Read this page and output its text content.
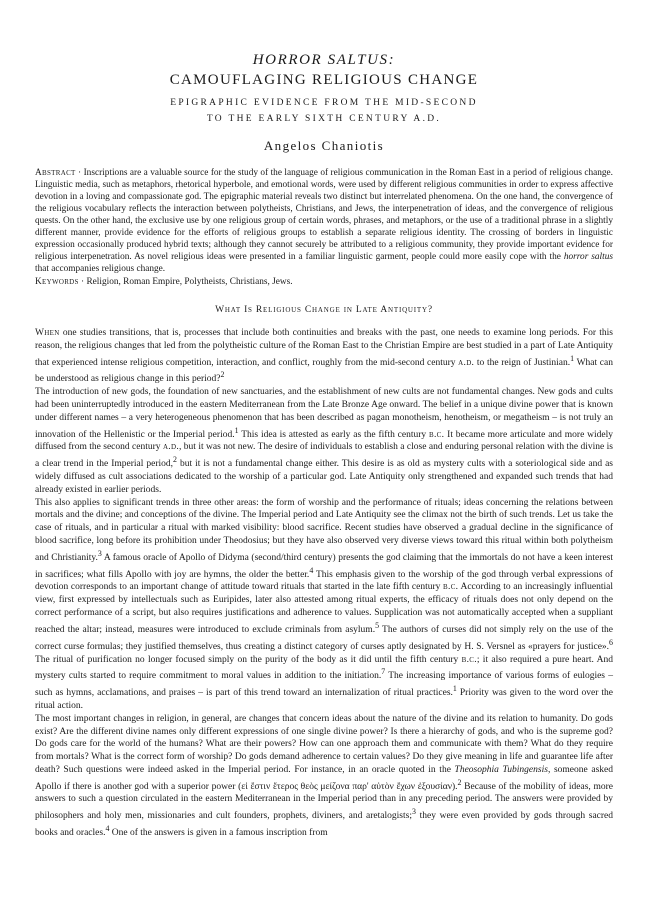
HORROR SALTUS:
CAMOUFLAGING RELIGIOUS CHANGE
EPIGRAPHIC EVIDENCE FROM THE MID-SECOND
TO THE EARLY SIXTH CENTURY A.D.
Angelos Chaniotis
Abstract · Inscriptions are a valuable source for the study of the language of religious communication in the Roman East in a period of religious change. Linguistic media, such as metaphors, rhetorical hyperbole, and emotional words, were used by different religious communities in order to express affective devotion in a loving and compassionate god. The epigraphic material reveals two distinct but interrelated phenomena. On the one hand, the convergence of the religious vocabulary reflects the interaction between polytheists, Christians, and Jews, the interpenetration of ideas, and the convergence of religious quests. On the other hand, the exclusive use by one religious group of certain words, phrases, and metaphors, or the use of a traditional phrase in a slightly different manner, provide evidence for the efforts of religious groups to establish a separate religious identity. The crossing of borders in linguistic expression occasionally produced hybrid texts; although they cannot securely be attributed to a religious community, they provide important evidence for religious interpenetration. As novel religious ideas were presented in a familiar linguistic garment, people could more easily cope with the horror saltus that accompanies religious change.
Keywords · Religion, Roman Empire, Polytheists, Christians, Jews.
What Is Religious Change in Late Antiquity?

When one studies transitions, that is, processes that include both continuities and breaks with the past, one needs to examine long periods. For this reason, the religious changes that led from the polytheistic culture of the Roman East to the Christian Empire are best studied in a part of Late Antiquity that experienced intense religious competition, interaction, and conflict, roughly from the mid-second century a.d. to the reign of Justinian.$^1$ What can be understood as religious change in this period?$^2$

The introduction of new gods, the foundation of new sanctuaries, and the establishment of new cults are not fundamental changes. New gods and cults had been uninterruptedly introduced in the eastern Mediterranean from the Late Bronze Age onward. The belief in a unique divine power that is known under different names – a very heterogeneous phenomenon that has been described as pagan monotheism, henotheism, or megatheism – is not truly an innovation of the Hellenistic or the Imperial period.$^1$ This idea is attested as early as the fifth century b.c. It became more articulate and more widely diffused from the second century a.d., but it was not new. The desire of individuals to establish a close and enduring personal relation with the divine is a clear trend in the Imperial period,$^2$ but it is not a fundamental change either. This desire is as old as mystery cults with a soteriological side and as widely diffused as cult associations dedicated to the worship of a particular god. Late Antiquity only strengthened and expanded such trends that had already existed in earlier periods.

This also applies to significant trends in three other areas: the form of worship and the performance of rituals; ideas concerning the relations between mortals and the divine; and conceptions of the divine. The Imperial period and Late Antiquity see the climax not the birth of such trends. Let us take the case of rituals, and in particular a ritual with marked visibility: blood sacrifice. Recent studies have observed a gradual decline in the significance of blood sacrifice, long before its prohibition under Theodosius; but they have also observed very diverse views toward this ritual within both polytheism and Christianity.$^3$ A famous oracle of Apollo of Didyma (second/third century) presents the god claiming that the immortals do not have a keen interest in sacrifices; what fills Apollo with joy are hymns, the older the better.$^4$ This emphasis given to the worship of the god through verbal expressions of devotion corresponds to an important change of attitude toward rituals that started in the late fifth century b.c. According to an increasingly influential view, first expressed by intellectuals such as Euripides, later also attested among ritual experts, the efficacy of rituals does not only depend on the correct performance of a script, but also requires justifications and adherence to values. Supplication was not automatically accepted when a suppliant reached the altar; instead, measures were introduced to exclude criminals from asylum.$^5$ The authors of curses did not simply rely on the use of the correct curse formulas; they justified themselves, thus creating a distinct category of curses aptly designated by H. S. Versnel as «prayers for justice».$^6$ The ritual of purification no longer focused simply on the purity of the body as it did until the fifth century b.c.; it also required a pure heart. And mystery cults started to require commitment to moral values in addition to the initiation.$^7$ The increasing importance of various forms of eulogies – such as hymns, acclamations, and praises – is part of this trend toward an internalization of ritual practices.$^1$ Priority was given to the word over the ritual action.

The most important changes in religion, in general, are changes that concern ideas about the nature of the divine and its relation to humanity. Do gods exist? Are the different divine names only different expressions of one single divine power? Is there a hierarchy of gods, and who is the supreme god? Do gods care for the world of the humans? What are their powers? How can one approach them and communicate with them? What do they require from mortals? What is the correct form of worship? Do gods demand adherence to certain values? Do they give meaning in life and guarantee life after death? Such questions were indeed asked in the Imperial period. For instance, in an oracle quoted in the Theosophia Tubingensis, someone asked Apollo if there is another god with a superior power (εἰ ἔστιν ἕτερος θεὸς μείζονα παρ' αὐτὸν ἔχων ἐξουσίαν).$^2$ Because of the mobility of ideas, more answers to such a question circulated in the eastern Mediterranean in the Imperial period than in any preceding period. The answers were provided by philosophers and holy men, missionaries and cult founders, prophets, diviners, and aretalogists;$^3$ they were even provided by gods through sacred books and oracles.$^4$ One of the answers is given in a famous inscription from
